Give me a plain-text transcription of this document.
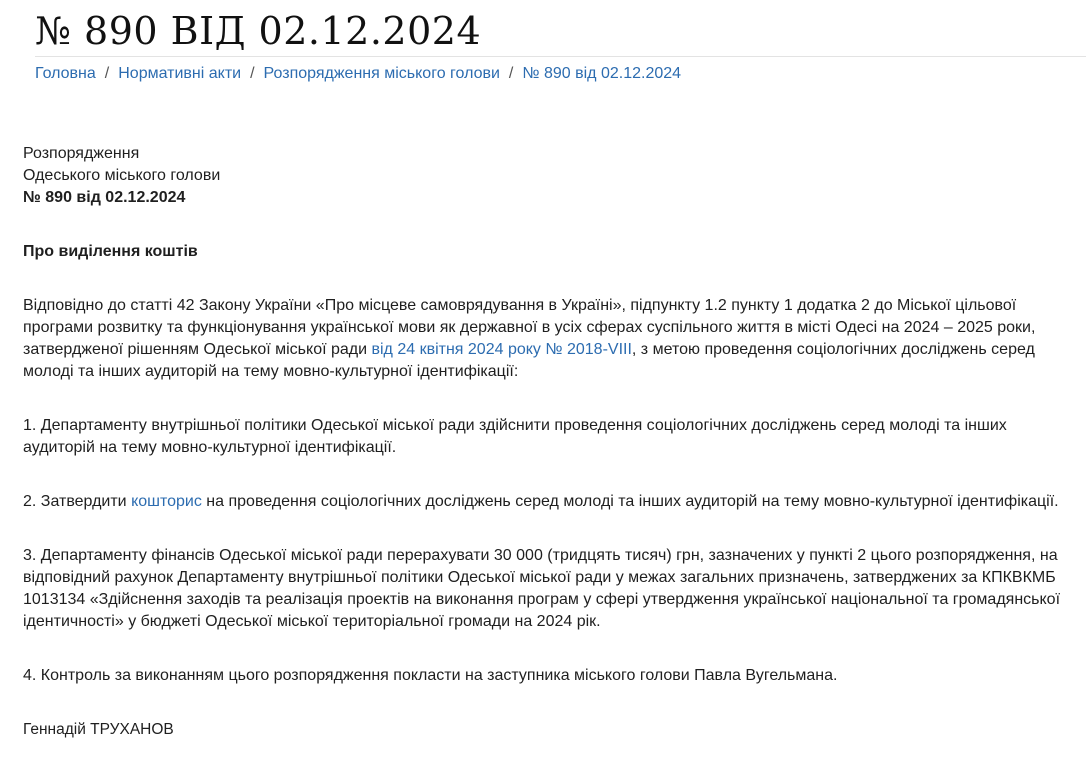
№ 890 ВІД 02.12.2024
Головна / Нормативні акти / Розпорядження міського голови / № 890 від 02.12.2024

Розпорядження

Одеського міського голови

№ 890 від 02.12.2024

Про виділення коштів

Відповідно до статті 42 Закону України «Про місцеве самоврядування в Україні», підпункту 1.2 пункту 1 додатка 2 до Міської цільової програми розвитку та функціонування української мови як державної в усіх сферах суспільного життя в місті Одесі на 2024 – 2025 роки, затвердженої рішенням Одеської міської ради від 24 квітня 2024 року № 2018-VIII, з метою проведення соціологічних досліджень серед молоді та інших аудиторій на тему мовно-культурної ідентифікації:

1. Департаменту внутрішньої політики Одеської міської ради здійснити проведення соціологічних досліджень серед молоді та інших аудиторій на тему мовно-культурної ідентифікації.

2. Затвердити кошторис на проведення соціологічних досліджень серед молоді та інших аудиторій на тему мовно-культурної ідентифікації.

3. Департаменту фінансів Одеської міської ради перерахувати 30 000 (тридцять тисяч) грн, зазначених у пункті 2 цього розпорядження, на відповідний рахунок Департаменту внутрішньої політики Одеської міської ради у межах загальних призначень, затверджених за КПКВКМБ 1013134 «Здійснення заходів та реалізація проектів на виконання програм у сфері утвердження української національної та громадянської ідентичності» у бюджеті Одеської міської територіальної громади на 2024 рік.

4. Контроль за виконанням цього розпорядження покласти на заступника міського голови Павла Вугельмана.

Геннадій ТРУХАНОВ
